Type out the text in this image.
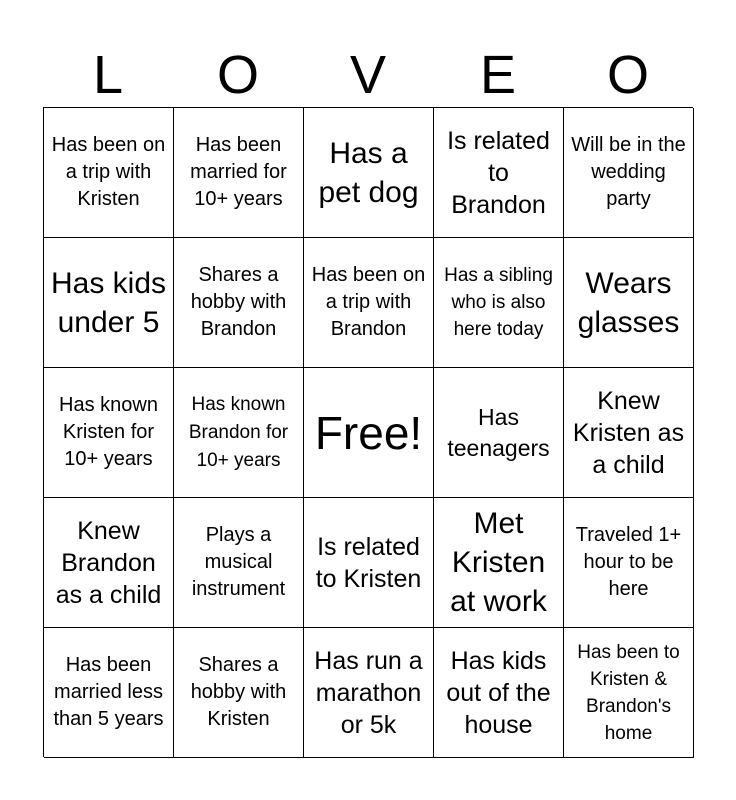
L	O	V	E	O
Has been on a trip with Kristen
Has been married for 10+ years
Has a pet dog
Is related to Brandon
Will be in the wedding party
Has kids under 5
Shares a hobby with Brandon
Has been on a trip with Brandon
Has a sibling who is also here today
Wears glasses
Has known Kristen for 10+ years
Has known Brandon for 10+ years
Free!	Has teenagers
Knew Kristen as a child
Knew Brandon as a child
Plays a musical instrument
Is related to Kristen
Met Kristen at work
Traveled 1+ hour to be here
Has been married less than 5 years
Shares a hobby with Kristen
Has run a marathon or 5k
Has kids out of the house
Has been to Kristen & Brandon's home
